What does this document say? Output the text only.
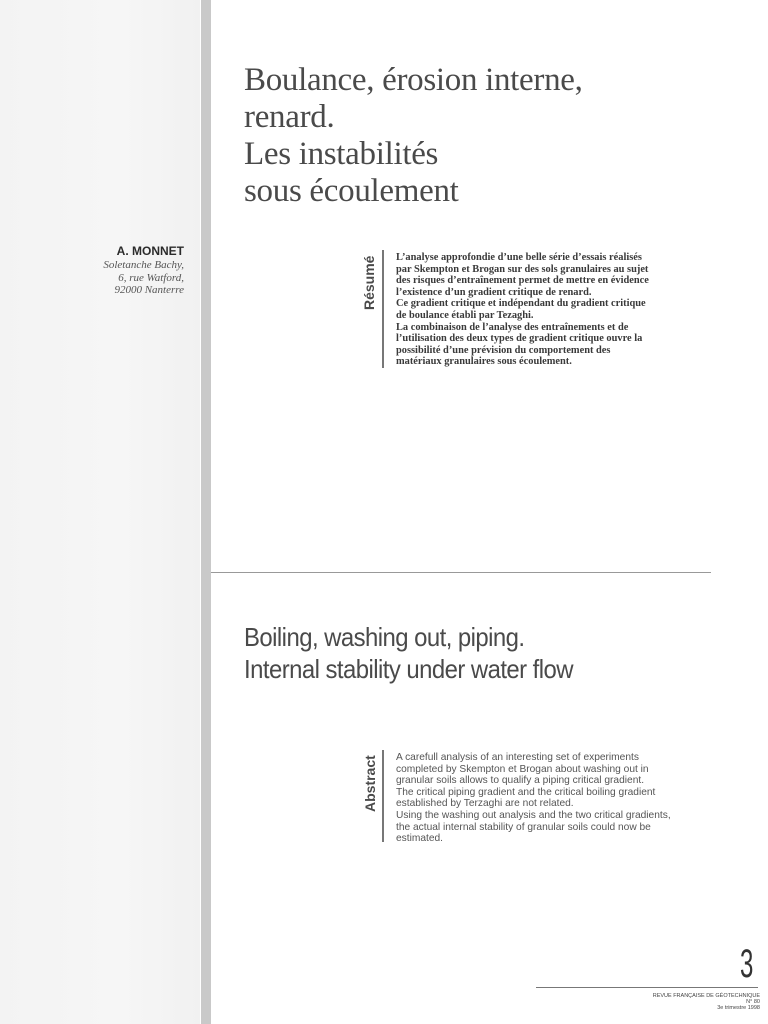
Boulance, érosion interne,
renard.
Les instabilités
sous écoulement
A. MONNET
Soletanche Bachy,
6, rue Watford,
92000 Nanterre	Résumé L’analyse approfondie d’une belle série d’essais réalisés
par Skempton et Brogan sur des sols granulaires au sujet
des risques d’entraînement permet de mettre en évidence
l’existence d’un gradient critique de renard.
Ce gradient critique et indépendant du gradient critique
de boulance établi par Tezaghi.
La combinaison de l’analyse des entraînements et de
l’utilisation des deux types de gradient critique ouvre la
possibilité d’une prévision du comportement des
matériaux granulaires sous écoulement.
Boiling, washing out, piping.
Internal stability under water flow
Abstract A carefull analysis of an interesting set of experiments
completed by Skempton et Brogan about washing out in
granular soils allows to qualify a piping critical gradient.
The critical piping gradient and the critical boiling gradient
established by Terzaghi are not related.
Using the washing out analysis and the two critical gradients,
the actual internal stability of granular soils could now be
estimated.
3
REVUE FRANÇAISE DE GÉOTECHNIQUE
N° 80
3e trimestre 1998
